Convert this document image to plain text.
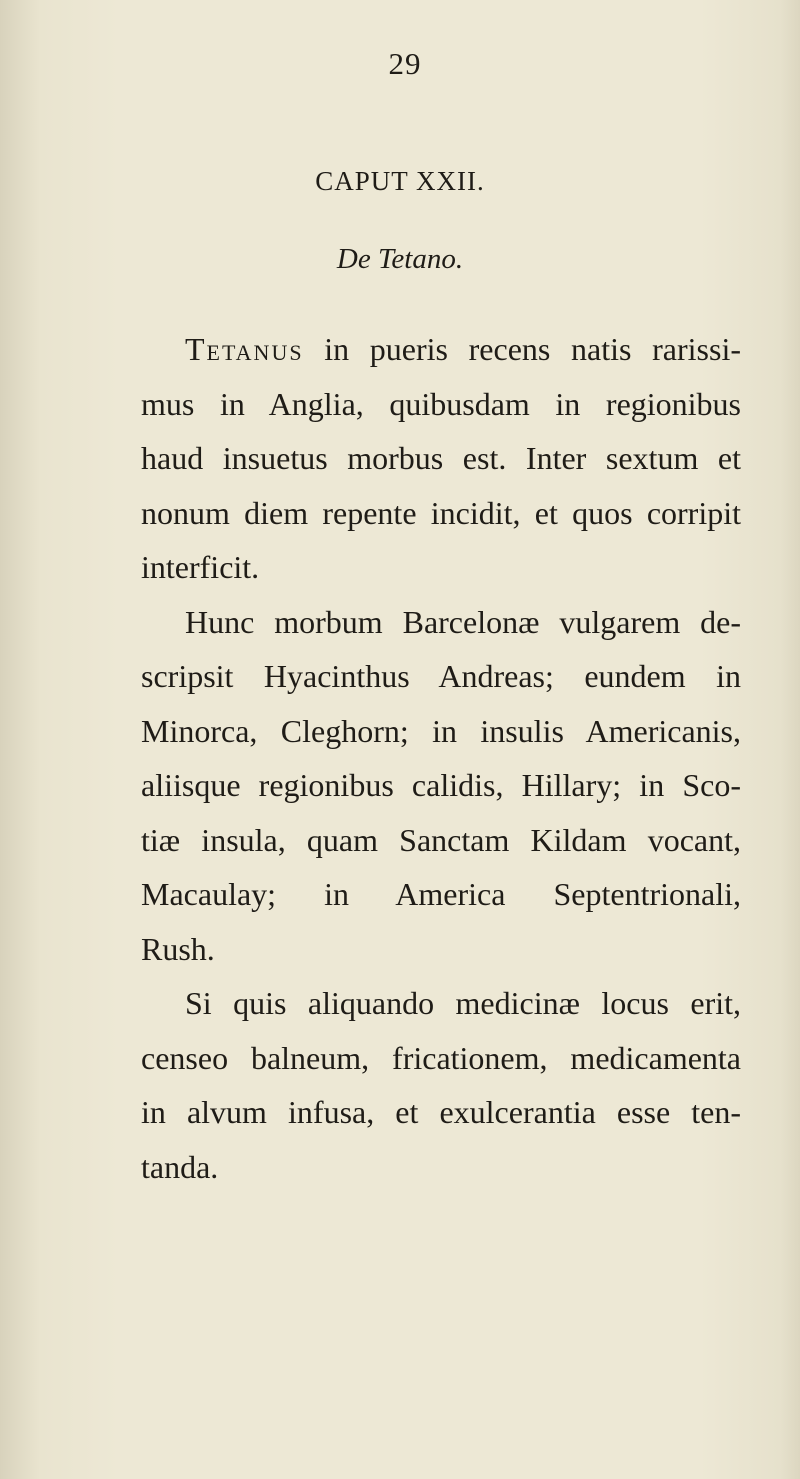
29
CAPUT XXII.
De Tetano.
Tetanus in pueris recens natis rarissi-
mus in Anglia, quibusdam in regionibus
haud insuetus morbus est. Inter sextum et
nonum diem repente incidit, et quos corripit
interficit.
Hunc morbum Barcelonæ vulgarem de-
scripsit Hyacinthus Andreas; eundem in
Minorca, Cleghorn; in insulis Americanis,
aliisque regionibus calidis, Hillary; in Sco-
tiæ insula, quam Sanctam Kildam vocant,
Macaulay; in America Septentrionali,
Rush.
Si quis aliquando medicinæ locus erit,
censeo balneum, fricationem, medicamenta
in alvum infusa, et exulcerantia esse ten-
tanda.
